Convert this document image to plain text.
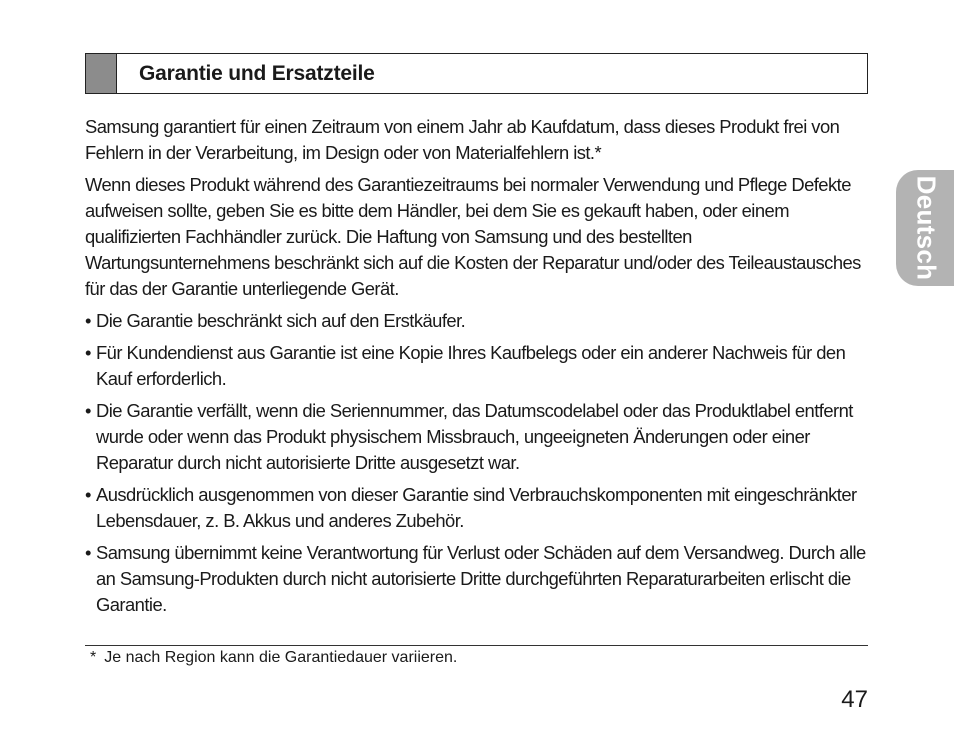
Garantie und Ersatzteile

Samsung garantiert für einen Zeitraum von einem Jahr ab Kaufdatum, dass dieses Produkt frei von Fehlern in der Verarbeitung, im Design oder von Materialfehlern ist.*

Wenn dieses Produkt während des Garantiezeitraums bei normaler Verwendung und Pflege Defekte aufweisen sollte, geben Sie es bitte dem Händler, bei dem Sie es gekauft haben, oder einem qualifizierten Fachhändler zurück. Die Haftung von Samsung und des bestellten Wartungsunternehmens beschränkt sich auf die Kosten der Reparatur und/oder des Teileaustausches für das der Garantie unterliegende Gerät.

• Die Garantie beschränkt sich auf den Erstkäufer.
• Für Kundendienst aus Garantie ist eine Kopie Ihres Kaufbelegs oder ein anderer Nachweis für den Kauf erforderlich.
• Die Garantie verfällt, wenn die Seriennummer, das Datumscodelabel oder das Produktlabel entfernt wurde oder wenn das Produkt physischem Missbrauch, ungeeigneten Änderungen oder einer Reparatur durch nicht autorisierte Dritte ausgesetzt war.
• Ausdrücklich ausgenommen von dieser Garantie sind Verbrauchskomponenten mit eingeschränkter Lebensdauer, z. B. Akkus und anderes Zubehör.
• Samsung übernimmt keine Verantwortung für Verlust oder Schäden auf dem Versandweg. Durch alle an Samsung-Produkten durch nicht autorisierte Dritte durchgeführten Reparaturarbeiten erlischt die Garantie.
* Je nach Region kann die Garantiedauer variieren.
47
Deutsch
